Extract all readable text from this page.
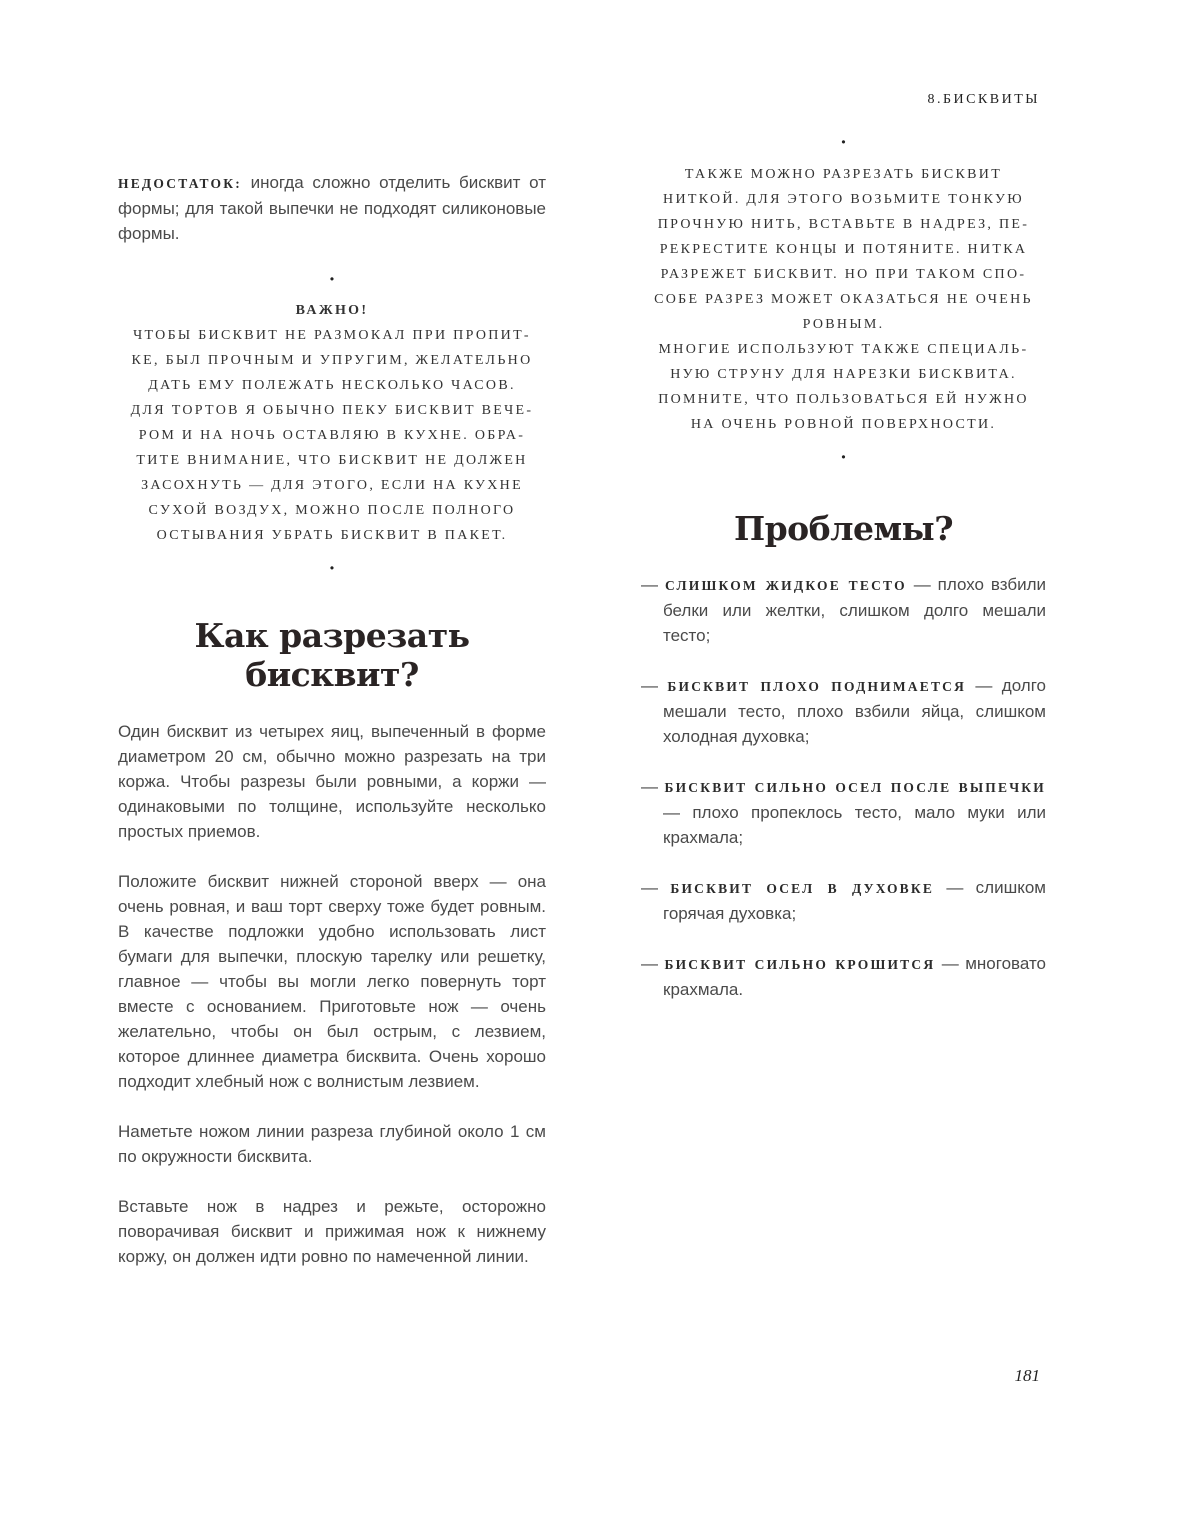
8.БИСКВИТЫ

НЕДОСТАТОК: иногда сложно отделить бисквит от формы; для такой выпечки не подходят силиконовые формы.

•

ВАЖНО!

ЧТОБЫ БИСКВИТ НЕ РАЗМОКАЛ ПРИ ПРОПИТ-

КЕ, БЫЛ ПРОЧНЫМ И УПРУГИМ, ЖЕЛАТЕЛЬНО

ДАТЬ ЕМУ ПОЛЕЖАТЬ НЕСКОЛЬКО ЧАСОВ.

ДЛЯ ТОРТОВ Я ОБЫЧНО ПЕКУ БИСКВИТ ВЕЧЕ-

РОМ И НА НОЧЬ ОСТАВЛЯЮ В КУХНЕ. ОБРА-

ТИТЕ ВНИМАНИЕ, ЧТО БИСКВИТ НЕ ДОЛЖЕН

ЗАСОХНУТЬ — ДЛЯ ЭТОГО, ЕСЛИ НА КУХНЕ

СУХОЙ ВОЗДУХ, МОЖНО ПОСЛЕ ПОЛНОГО

ОСТЫВАНИЯ УБРАТЬ БИСКВИТ В ПАКЕТ.

•
Как разрезать бисквит?

Один бисквит из четырех яиц, выпеченный в форме диаметром 20 см, обычно можно разрезать на три коржа. Чтобы разрезы были ровными, а коржи — одинаковыми по толщине, используйте несколько простых приемов.

Положите бисквит нижней стороной вверх — она очень ровная, и ваш торт сверху тоже будет ровным. В качестве подложки удобно использовать лист бумаги для выпечки, плоскую тарелку или решетку, главное — чтобы вы могли легко повернуть торт вместе с основанием. Приготовьте нож — очень желательно, чтобы он был острым, с лезвием, которое длиннее диаметра бисквита. Очень хорошо подходит хлебный нож с волнистым лезвием.

Наметьте ножом линии разреза глубиной около 1 см по окружности бисквита.

Вставьте нож в надрез и режьте, осторожно поворачивая бисквит и прижимая нож к нижнему коржу, он должен идти ровно по намеченной линии.

•

ТАКЖЕ МОЖНО РАЗРЕЗАТЬ БИСКВИТ

НИТКОЙ. ДЛЯ ЭТОГО ВОЗЬМИТЕ ТОНКУЮ

ПРОЧНУЮ НИТЬ, ВСТАВЬТЕ В НАДРЕЗ, ПЕ-

РЕКРЕСТИТЕ КОНЦЫ И ПОТЯНИТЕ. НИТКА

РАЗРЕЖЕТ БИСКВИТ. НО ПРИ ТАКОМ СПО-

СОБЕ РАЗРЕЗ МОЖЕТ ОКАЗАТЬСЯ НЕ ОЧЕНЬ

РОВНЫМ.

МНОГИЕ ИСПОЛЬЗУЮТ ТАКЖЕ СПЕЦИАЛЬ-

НУЮ СТРУНУ ДЛЯ НАРЕЗКИ БИСКВИТА.

ПОМНИТЕ, ЧТО ПОЛЬЗОВАТЬСЯ ЕЙ НУЖНО

НА ОЧЕНЬ РОВНОЙ ПОВЕРХНОСТИ.

•
Проблемы?

— СЛИШКОМ ЖИДКОЕ ТЕСТО — плохо взбили белки или желтки, слишком долго мешали тесто;

— БИСКВИТ ПЛОХО ПОДНИМАЕТСЯ — долго мешали тесто, плохо взбили яйца, слишком холодная духовка;

— БИСКВИТ СИЛЬНО ОСЕЛ ПОСЛЕ ВЫПЕЧКИ — плохо пропеклось тесто, мало муки или крахмала;

— БИСКВИТ ОСЕЛ В ДУХОВКЕ — слишком горячая духовка;

— БИСКВИТ СИЛЬНО КРОШИТСЯ — многовато крахмала.

181
